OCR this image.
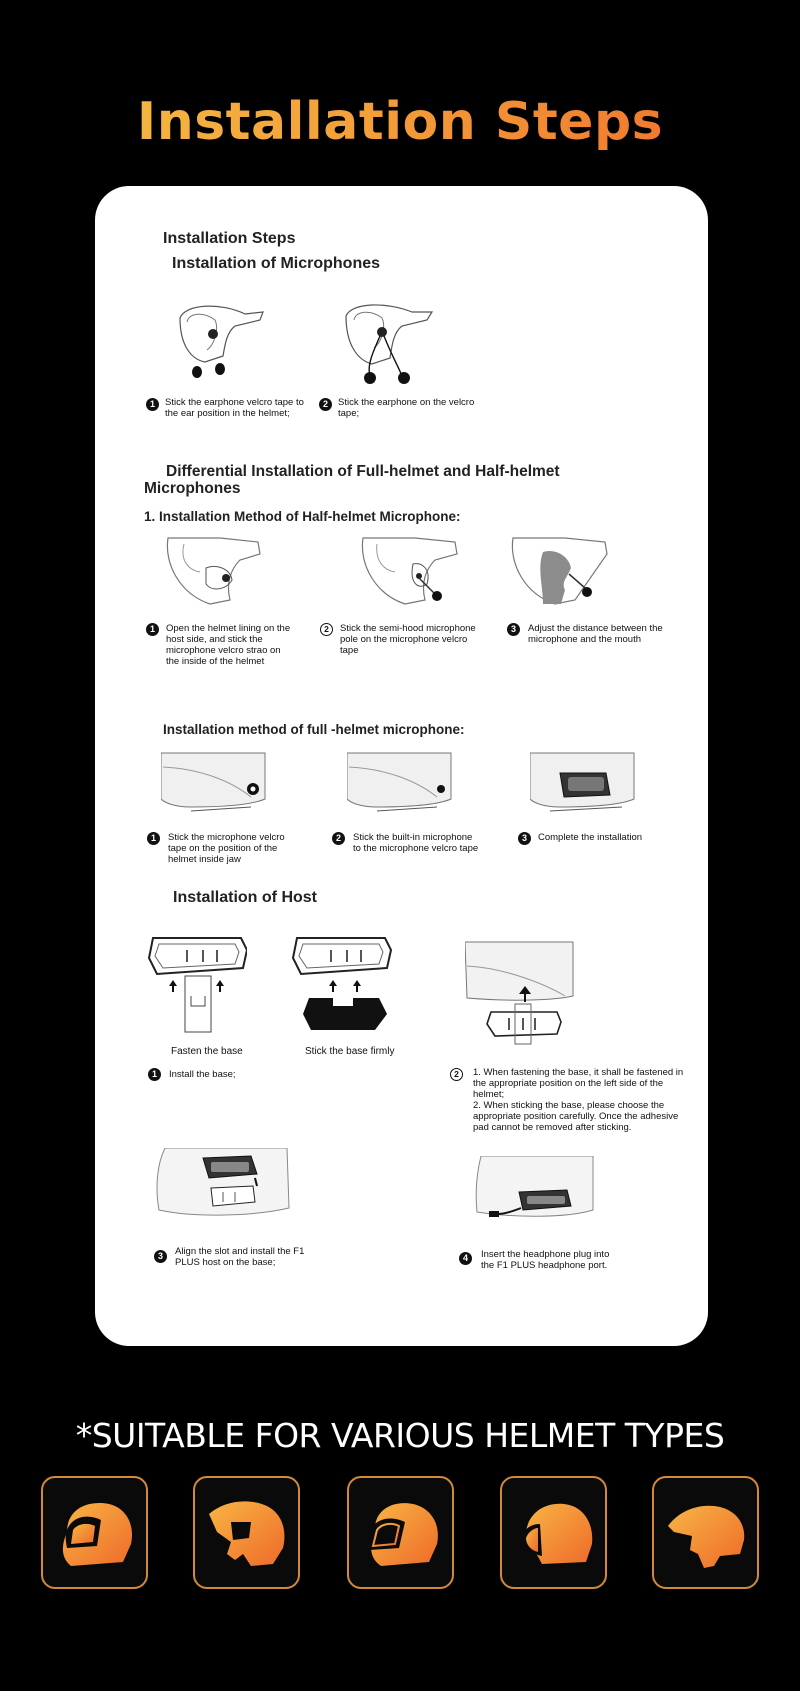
Installation Steps
Installation Steps
Installation of Microphones
1	Stick the earphone velcro tape to
the ear position in the helmet;
2	Stick the earphone on the velcro
tape;
Differential Installation of Full-helmet and Half-helmet
Microphones
1. Installation Method of Half-helmet Microphone:
1	Open the helmet lining on the
host side, and stick the
microphone velcro strao on
the inside of the helmet
2	Stick the semi-hood microphone
pole on the microphone velcro
tape
3	Adjust the distance between the
microphone and the mouth
Installation method of full -helmet microphone:
1	Stick the microphone velcro
tape on the position of the
helmet inside jaw
2	Stick the built-in microphone
to the microphone velcro tape
3	Complete the installation
Installation of Host
Fasten the base	Stick the base firmly
1	Install the base;	2	1. When fastening the base, it shall be fastened in
the appropriate position on the left side of the
helmet;
2. When sticking the base, please choose the
appropriate position carefully. Once the adhesive
pad cannot be removed after sticking.
3	Align the slot and install the F1
PLUS host on the base;	4	Insert the headphone plug into
the F1 PLUS headphone port.
*SUITABLE FOR VARIOUS HELMET TYPES
